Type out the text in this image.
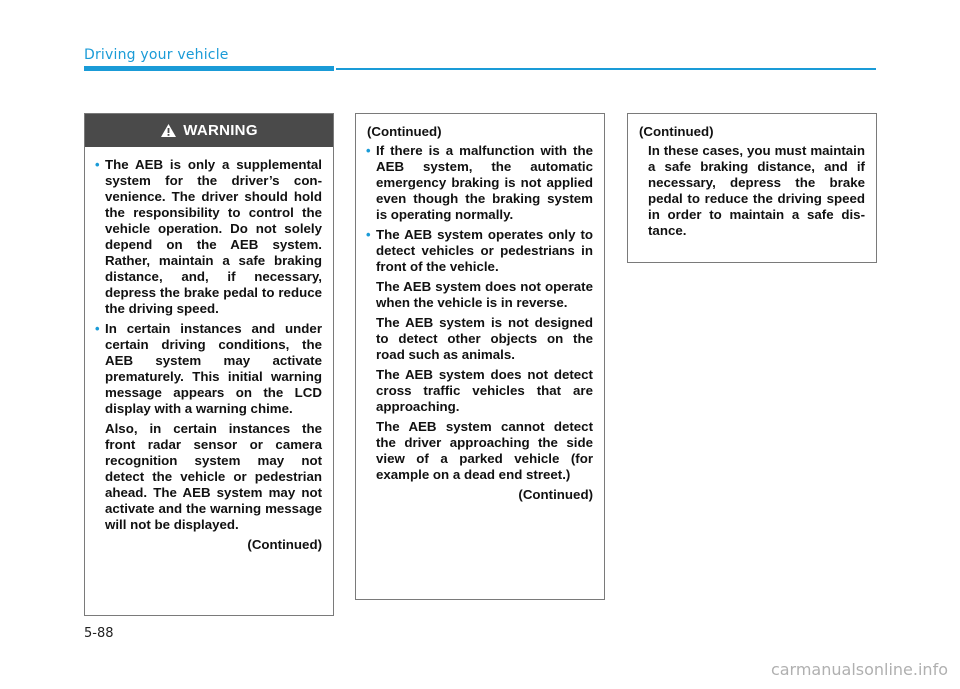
Driving your vehicle
WARNING
• The AEB is only a supplemental system for the driver’s convenience. The driver should hold the responsibility to control the vehicle operation. Do not solely depend on the AEB system. Rather, maintain a safe braking distance, and, if necessary, depress the brake pedal to reduce the driving speed.
• In certain instances and under certain driving conditions, the AEB system may activate prematurely. This initial warning message appears on the LCD display with a warning chime.
Also, in certain instances the front radar sensor or camera recognition system may not detect the vehicle or pedestrian ahead. The AEB system may not activate and the warning message will not be displayed.
(Continued)
(Continued)
• If there is a malfunction with the AEB system, the automatic emergency braking is not applied even though the braking system is operating normally.
• The AEB system operates only to detect vehicles or pedestrians in front of the vehicle.
The AEB system does not operate when the vehicle is in reverse.
The AEB system is not designed to detect other objects on the road such as animals.
The AEB system does not detect cross traffic vehicles that are approaching.
The AEB system cannot detect the driver approaching the side view of a parked vehicle (for example on a dead end street.)
(Continued)
(Continued)
In these cases, you must maintain a safe braking distance, and if necessary, depress the brake pedal to reduce the driving speed in order to maintain a safe distance.
5-88
carmanualsonline.info
